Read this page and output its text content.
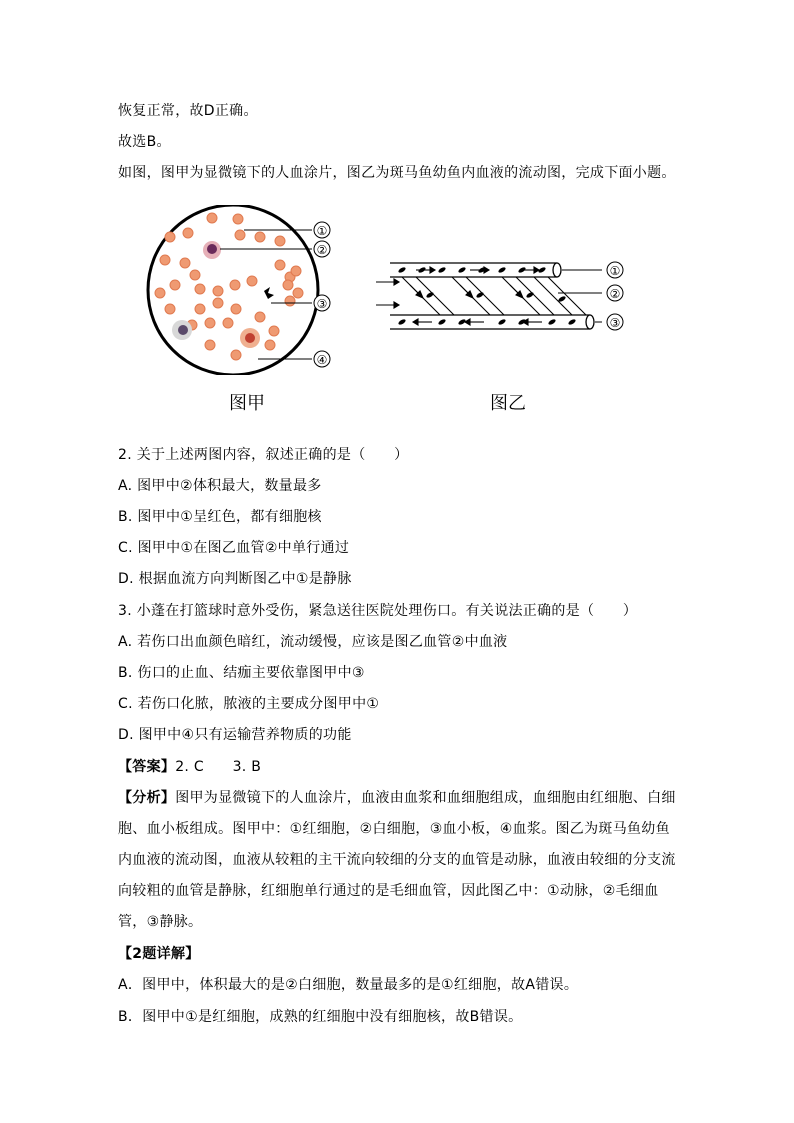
恢复正常，故D正确。
故选B。
如图，图甲为显微镜下的人血涂片，图乙为斑马鱼幼鱼内血液的流动图，完成下面小题。
①
②
③
④
图甲
①
②
③
图乙
2. 关于上述两图内容，叙述正确的是（　　）
A. 图甲中②体积最大，数量最多
B. 图甲中①呈红色，都有细胞核
C. 图甲中①在图乙血管②中单行通过
D. 根据血流方向判断图乙中①是静脉
3. 小蓬在打篮球时意外受伤，紧急送往医院处理伤口。有关说法正确的是（　　）
A. 若伤口出血颜色暗红，流动缓慢，应该是图乙血管②中血液
B. 伤口的止血、结痂主要依靠图甲中③
C. 若伤口化脓，脓液的主要成分图甲中①
D. 图甲中④只有运输营养物质的功能
【答案】2. C　　3. B
【分析】图甲为显微镜下的人血涂片，血液由血浆和血细胞组成，血细胞由红细胞、白细
胞、血小板组成。图甲中：①红细胞，②白细胞，③血小板，④血浆。图乙为斑马鱼幼鱼
内血液的流动图，血液从较粗的主干流向较细的分支的血管是动脉，血液由较细的分支流
向较粗的血管是静脉，红细胞单行通过的是毛细血管，因此图乙中：①动脉，②毛细血
管，③静脉。
【2题详解】
A．图甲中，体积最大的是②白细胞，数量最多的是①红细胞，故A错误。
B．图甲中①是红细胞，成熟的红细胞中没有细胞核，故B错误。
